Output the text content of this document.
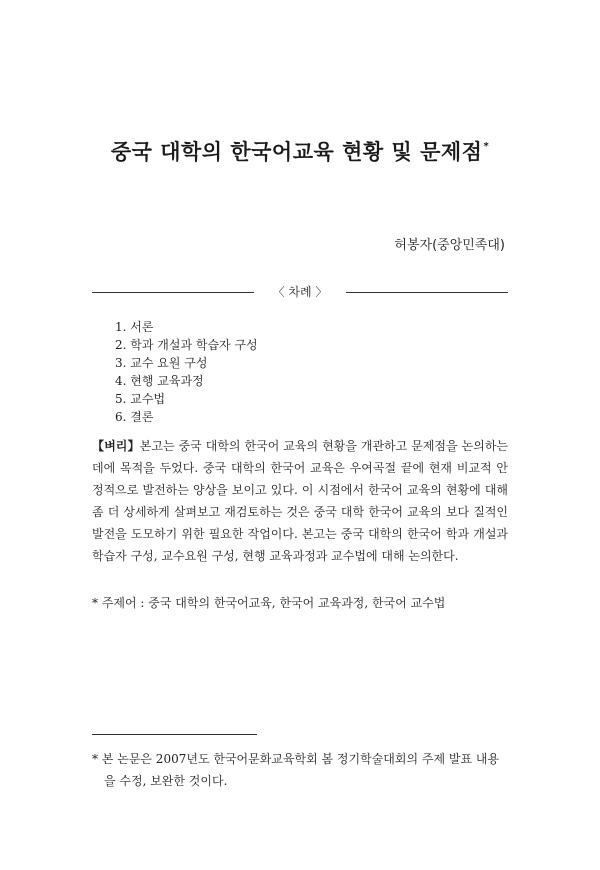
중국 대학의 한국어교육 현황 및 문제점*
허봉자(중앙민족대)
〈 차례 〉
1. 서론
2. 학과 개설과 학습자 구성
3. 교수 요원 구성
4. 현행 교육과정
5. 교수법
6. 결론
【벼리】본고는 중국 대학의 한국어 교육의 현황을 개관하고 문제점을 논의하는 데에 목적을 두었다. 중국 대학의 한국어 교육은 우여곡절 끝에 현재 비교적 안정적으로 발전하는 양상을 보이고 있다. 이 시점에서 한국어 교육의 현황에 대해 좀 더 상세하게 살펴보고 재검토하는 것은 중국 대학 한국어 교육의 보다 질적인 발전을 도모하기 위한 필요한 작업이다. 본고는 중국 대학의 한국어 학과 개설과 학습자 구성, 교수요원 구성, 현행 교육과정과 교수법에 대해 논의한다.
* 주제어 : 중국 대학의 한국어교육, 한국어 교육과정, 한국어 교수법
* 본 논문은 2007년도 한국어문화교육학회 봄 정기학술대회의 주제 발표 내용을 수정, 보완한 것이다.
